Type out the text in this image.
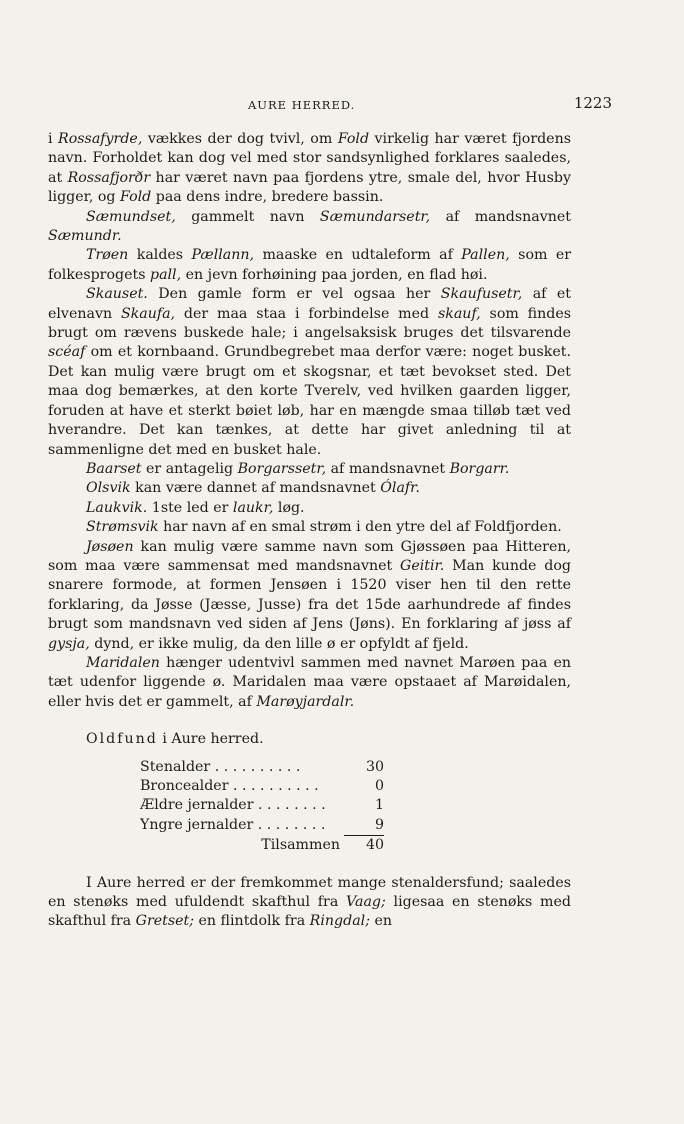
AURE HERRED.	1223

i Rossafyrde, vækkes der dog tvivl, om Fold virkelig har været fjordens navn. Forholdet kan dog vel med stor sandsynlighed forklares saaledes, at Rossafjorðr har været navn paa fjordens ytre, smale del, hvor Husby ligger, og Fold paa dens indre, bredere bassin.

Sæmundset, gammelt navn Sæmundarsetr, af mandsnavnet Sæmundr.

Trøen kaldes Pællann, maaske en udtaleform af Pallen, som er folkesprogets pall, en jevn forhøining paa jorden, en flad høi.

Skauset. Den gamle form er vel ogsaa her Skaufusetr, af et elvenavn Skaufa, der maa staa i forbindelse med skauf, som findes brugt om rævens buskede hale; i angelsaksisk bruges det tilsvarende scéaf om et kornbaand. Grundbegrebet maa derfor være: noget busket. Det kan mulig være brugt om et skogsnar, et tæt bevokset sted. Det maa dog bemærkes, at den korte Tverelv, ved hvilken gaarden ligger, foruden at have et sterkt bøiet løb, har en mængde smaa tilløb tæt ved hverandre. Det kan tænkes, at dette har givet anledning til at sammenligne det med en busket hale.

Baarset er antagelig Borgarssetr, af mandsnavnet Borgarr.

Olsvik kan være dannet af mandsnavnet Ólafr.

Laukvik. 1ste led er laukr, løg.

Strømsvik har navn af en smal strøm i den ytre del af Foldfjorden.

Jøsøen kan mulig være samme navn som Gjøssøen paa Hitteren, som maa være sammensat med mandsnavnet Geitir. Man kunde dog snarere formode, at formen Jensøen i 1520 viser hen til den rette forklaring, da Jøsse (Jæsse, Jusse) fra det 15de aarhundrede af findes brugt som mandsnavn ved siden af Jens (Jøns). En forklaring af jøss af gysja, dynd, er ikke mulig, da den lille ø er opfyldt af fjeld.

Maridalen hænger udentvivl sammen med navnet Marøen paa en tæt udenfor liggende ø. Maridalen maa være opstaaet af Marøidalen, eller hvis det er gammelt, af Marøyjardalr.

Oldfund i Aure herred.

Stenalder . . . . . . . . . .	30
Broncealder . . . . . . . . . .	0
Ældre jernalder . . . . . . . .	1
Yngre jernalder . . . . . . . .	9
Tilsammen	40

I Aure herred er der fremkommet mange stenaldersfund; saaledes en stenøks med ufuldendt skafthul fra Vaag; ligesaa en stenøks med skafthul fra Gretset; en flintdolk fra Ringdal; en
